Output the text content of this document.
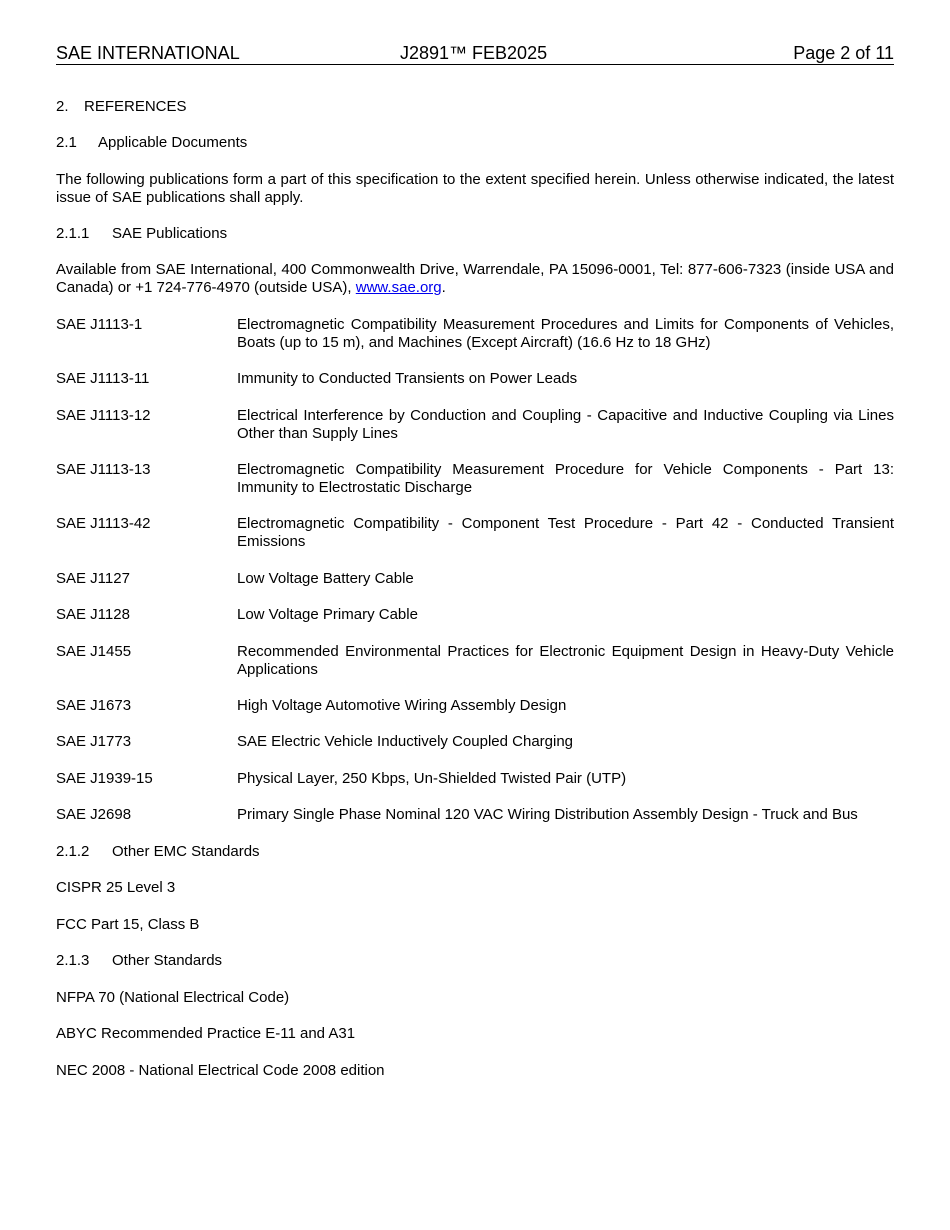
SAE INTERNATIONAL	J2891™ FEB2025	Page 2 of 11
2. REFERENCES
2.1 Applicable Documents
The following publications form a part of this specification to the extent specified herein. Unless otherwise indicated, the latest issue of SAE publications shall apply.
2.1.1 SAE Publications
Available from SAE International, 400 Commonwealth Drive, Warrendale, PA 15096-0001, Tel: 877-606-7323 (inside USA and Canada) or +1 724-776-4970 (outside USA), www.sae.org.
SAE J1113-1	Electromagnetic Compatibility Measurement Procedures and Limits for Components of Vehicles, Boats (up to 15 m), and Machines (Except Aircraft) (16.6 Hz to 18 GHz)
SAE J1113-11	Immunity to Conducted Transients on Power Leads
SAE J1113-12	Electrical Interference by Conduction and Coupling - Capacitive and Inductive Coupling via Lines Other than Supply Lines
SAE J1113-13	Electromagnetic Compatibility Measurement Procedure for Vehicle Components - Part 13: Immunity to Electrostatic Discharge
SAE J1113-42	Electromagnetic Compatibility - Component Test Procedure - Part 42 - Conducted Transient Emissions
SAE J1127	Low Voltage Battery Cable
SAE J1128	Low Voltage Primary Cable
SAE J1455	Recommended Environmental Practices for Electronic Equipment Design in Heavy-Duty Vehicle Applications
SAE J1673	High Voltage Automotive Wiring Assembly Design
SAE J1773	SAE Electric Vehicle Inductively Coupled Charging
SAE J1939-15	Physical Layer, 250 Kbps, Un-Shielded Twisted Pair (UTP)
SAE J2698	Primary Single Phase Nominal 120 VAC Wiring Distribution Assembly Design - Truck and Bus
2.1.2 Other EMC Standards
CISPR 25 Level 3
FCC Part 15, Class B
2.1.3 Other Standards
NFPA 70 (National Electrical Code)
ABYC Recommended Practice E-11 and A31
NEC 2008 - National Electrical Code 2008 edition
